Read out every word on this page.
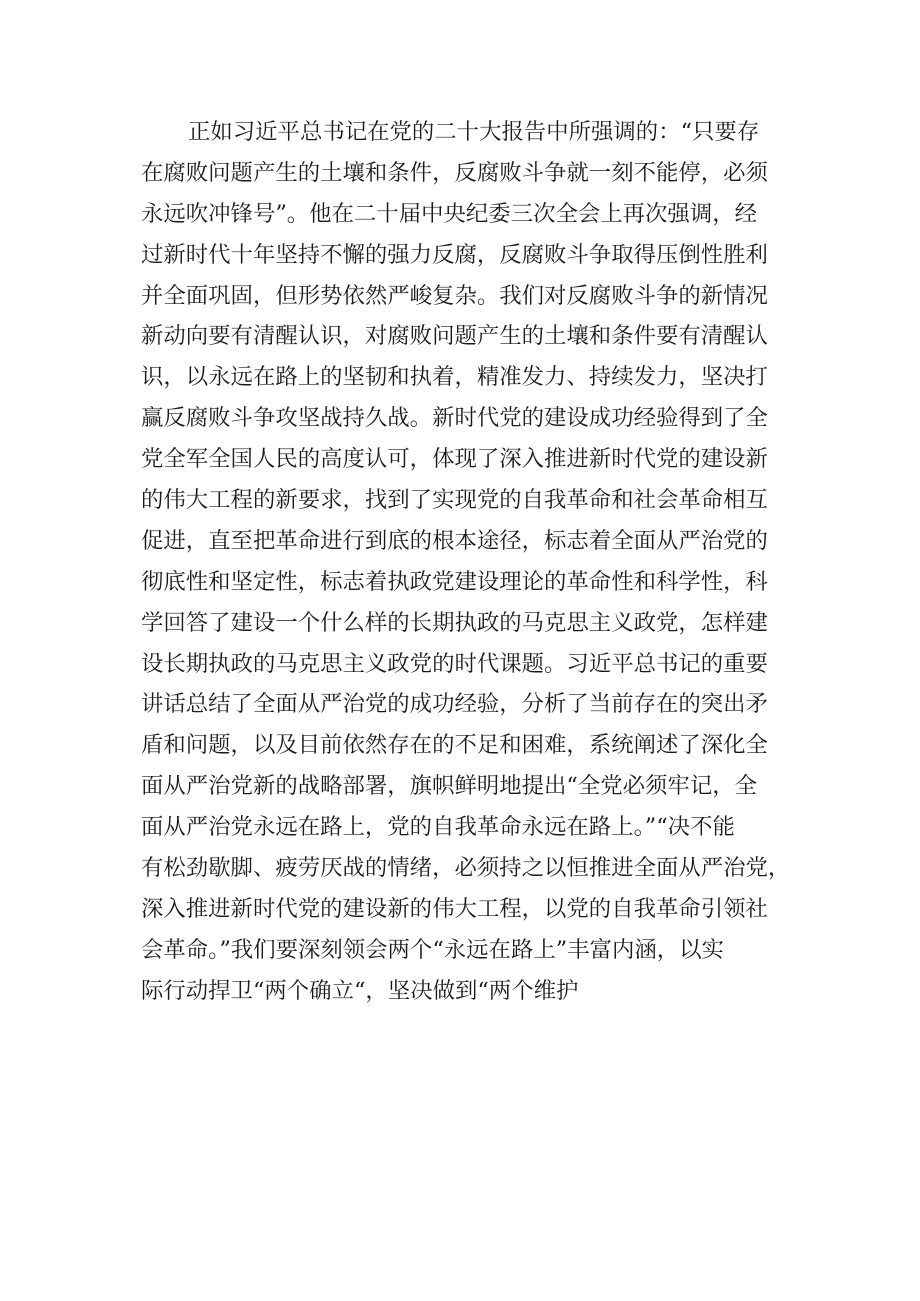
正如习近平总书记在党的二十大报告中所强调的：“只要存
在腐败问题产生的土壤和条件，反腐败斗争就一刻不能停，必须
永远吹冲锋号”。他在二十届中央纪委三次全会上再次强调，经
过新时代十年坚持不懈的强力反腐，反腐败斗争取得压倒性胜利
并全面巩固，但形势依然严峻复杂。我们对反腐败斗争的新情况
新动向要有清醒认识，对腐败问题产生的土壤和条件要有清醒认
识，以永远在路上的坚韧和执着，精准发力、持续发力，坚决打
赢反腐败斗争攻坚战持久战。新时代党的建设成功经验得到了全
党全军全国人民的高度认可，体现了深入推进新时代党的建设新
的伟大工程的新要求，找到了实现党的自我革命和社会革命相互
促进，直至把革命进行到底的根本途径，标志着全面从严治党的
彻底性和坚定性，标志着执政党建设理论的革命性和科学性，科
学回答了建设一个什么样的长期执政的马克思主义政党，怎样建
设长期执政的马克思主义政党的时代课题。习近平总书记的重要
讲话总结了全面从严治党的成功经验，分析了当前存在的突出矛
盾和问题，以及目前依然存在的不足和困难，系统阐述了深化全
面从严治党新的战略部署，旗帜鲜明地提出“全党必须牢记，全
面从严治党永远在路上，党的自我革命永远在路上。”“决不能
有松劲歇脚、疲劳厌战的情绪，必须持之以恒推进全面从严治党，
深入推进新时代党的建设新的伟大工程，以党的自我革命引领社
会革命。”我们要深刻领会两个“永远在路上”丰富内涵，以实
际行动捍卫“两个确立“，坚决做到“两个维护
